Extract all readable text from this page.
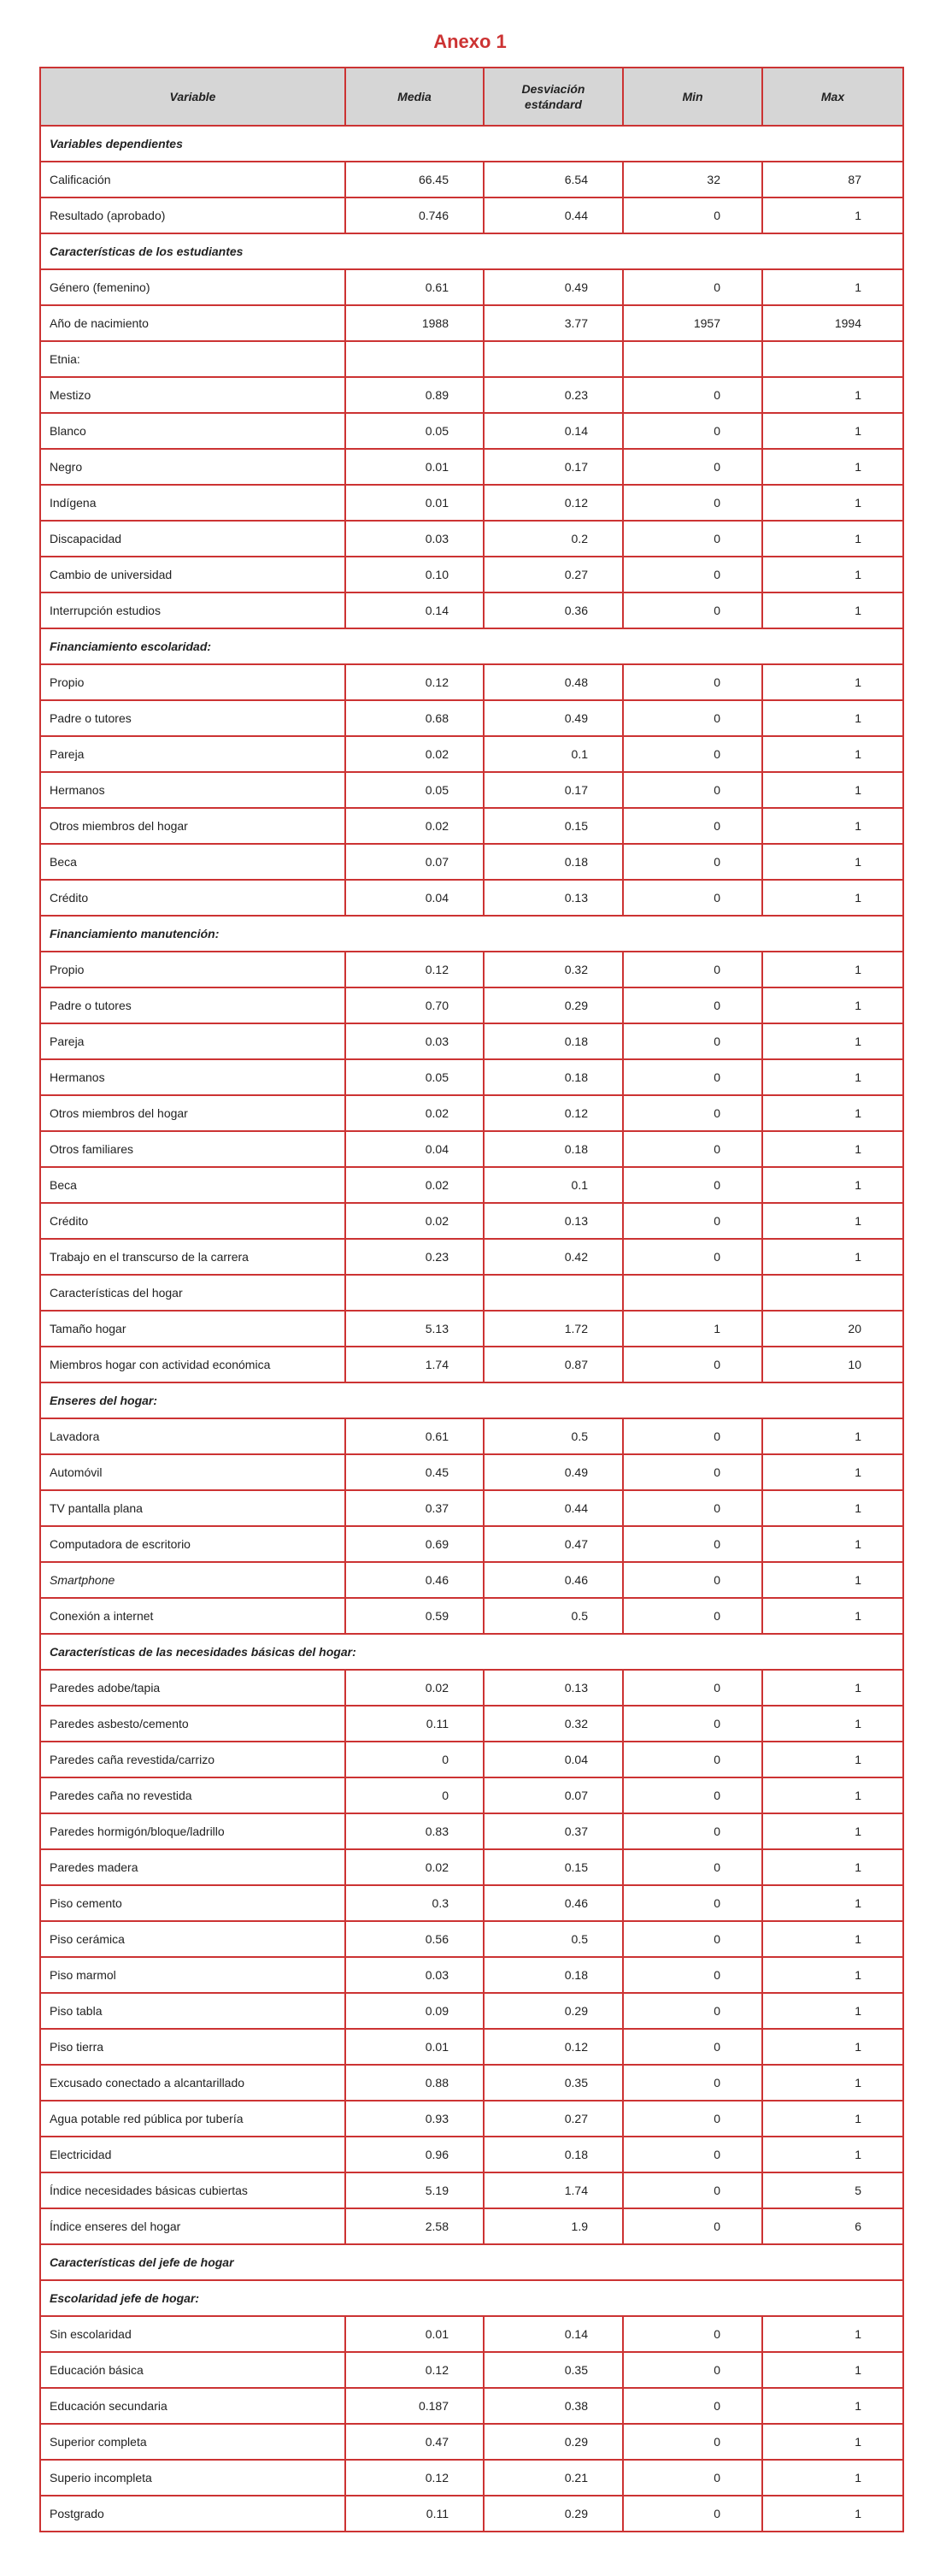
Anexo 1
Variable	Media	Desviación estándard	Min	Max
Variables dependientes				
Calificación	66.45	6.54	32	87
Resultado (aprobado)	0.746	0.44	0	1
Características de los estudiantes				
Género (femenino)	0.61	0.49	0	1
Año de nacimiento	1988	3.77	1957	1994
Etnia:				
Mestizo	0.89	0.23	0	1
Blanco	0.05	0.14	0	1
Negro	0.01	0.17	0	1
Indígena	0.01	0.12	0	1
Discapacidad	0.03	0.2	0	1
Cambio de universidad	0.10	0.27	0	1
Interrupción estudios	0.14	0.36	0	1
Financiamiento escolaridad:				
Propio	0.12	0.48	0	1
Padre o tutores	0.68	0.49	0	1
Pareja	0.02	0.1	0	1
Hermanos	0.05	0.17	0	1
Otros miembros del hogar	0.02	0.15	0	1
Beca	0.07	0.18	0	1
Crédito	0.04	0.13	0	1
Financiamiento manutención:				
Propio	0.12	0.32	0	1
Padre o tutores	0.70	0.29	0	1
Pareja	0.03	0.18	0	1
Hermanos	0.05	0.18	0	1
Otros miembros del hogar	0.02	0.12	0	1
Otros familiares	0.04	0.18	0	1
Beca	0.02	0.1	0	1
Crédito	0.02	0.13	0	1
Trabajo en el transcurso de la carrera	0.23	0.42	0	1
Características del hogar				
Tamaño hogar	5.13	1.72	1	20
Miembros hogar con actividad económica	1.74	0.87	0	10
Enseres del hogar:				
Lavadora	0.61	0.5	0	1
Automóvil	0.45	0.49	0	1
TV pantalla plana	0.37	0.44	0	1
Computadora de escritorio	0.69	0.47	0	1
Smartphone	0.46	0.46	0	1
Conexión a internet	0.59	0.5	0	1
Características de las necesidades básicas del hogar:				
Paredes adobe/tapia	0.02	0.13	0	1
Paredes asbesto/cemento	0.11	0.32	0	1
Paredes caña revestida/carrizo	0	0.04	0	1
Paredes caña no revestida	0	0.07	0	1
Paredes hormigón/bloque/ladrillo	0.83	0.37	0	1
Paredes madera	0.02	0.15	0	1
Piso cemento	0.3	0.46	0	1
Piso cerámica	0.56	0.5	0	1
Piso marmol	0.03	0.18	0	1
Piso tabla	0.09	0.29	0	1
Piso tierra	0.01	0.12	0	1
Excusado conectado a alcantarillado	0.88	0.35	0	1
Agua potable red pública por tubería	0.93	0.27	0	1
Electricidad	0.96	0.18	0	1
Índice necesidades básicas cubiertas	5.19	1.74	0	5
Índice enseres del hogar	2.58	1.9	0	6
Características del jefe de hogar				
Escolaridad jefe de hogar:				
Sin escolaridad	0.01	0.14	0	1
Educación básica	0.12	0.35	0	1
Educación secundaria	0.187	0.38	0	1
Superior completa	0.47	0.29	0	1
Superio incompleta	0.12	0.21	0	1
Postgrado	0.11	0.29	0	1
